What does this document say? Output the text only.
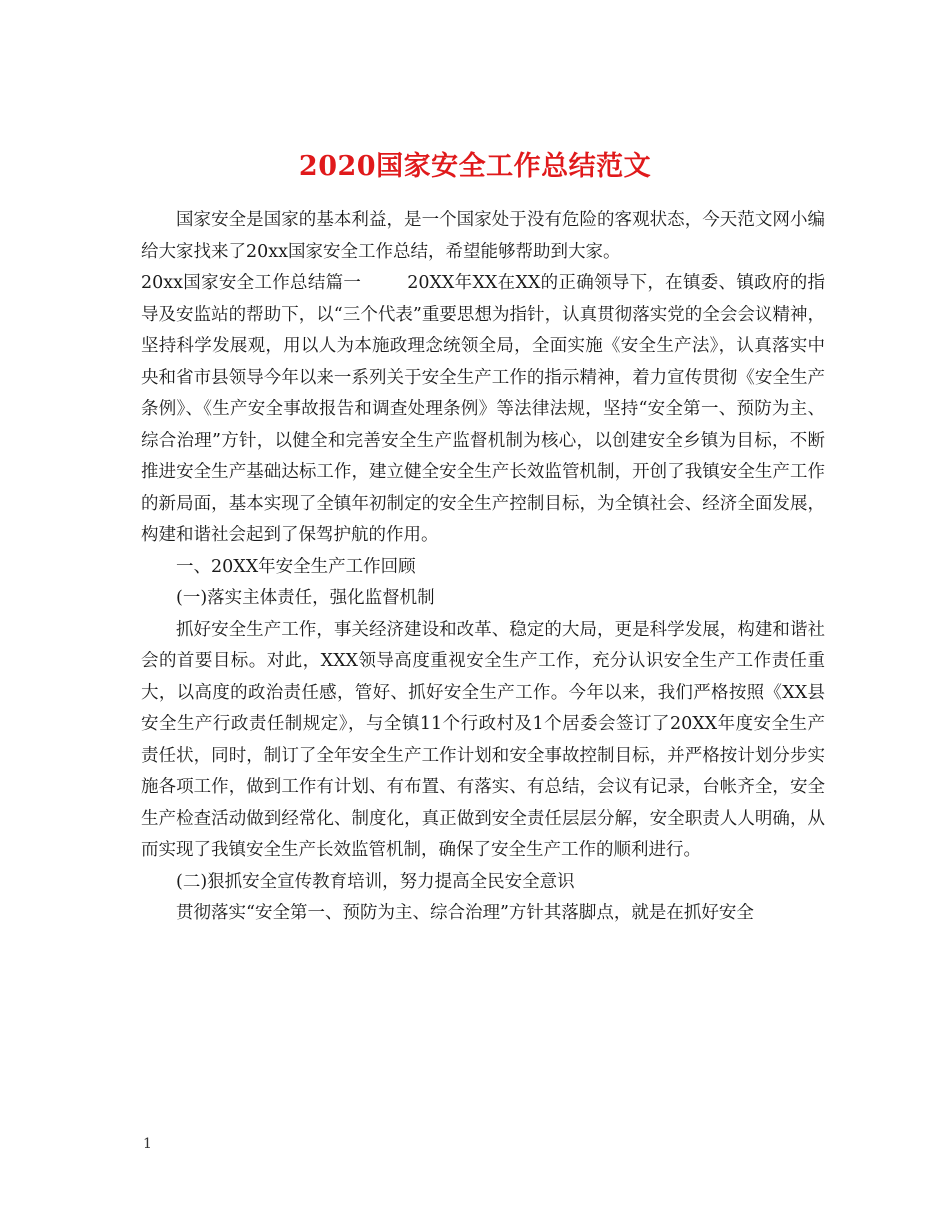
2020国家安全工作总结范文

国家安全是国家的基本利益，是一个国家处于没有危险的客观状态，今天范文网小编给大家找来了20xx国家安全工作总结，希望能够帮助到大家。

20xx国家安全工作总结篇一	20XX年XX在XX的正确领导下，在镇委、镇政府的指导及安监站的帮助下，以“三个代表”重要思想为指针，认真贯彻落实党的全会会议精神，坚持科学发展观，用以人为本施政理念统领全局，全面实施《安全生产法》，认真落实中央和省市县领导今年以来一系列关于安全生产工作的指示精神，着力宣传贯彻《安全生产条例》、《生产安全事故报告和调查处理条例》等法律法规，坚持“安全第一、预防为主、综合治理”方针，以健全和完善安全生产监督机制为核心，以创建安全乡镇为目标，不断推进安全生产基础达标工作，建立健全安全生产长效监管机制，开创了我镇安全生产工作的新局面，基本实现了全镇年初制定的安全生产控制目标，为全镇社会、经济全面发展，构建和谐社会起到了保驾护航的作用。

一、20XX年安全生产工作回顾

(一)落实主体责任，强化监督机制

抓好安全生产工作，事关经济建设和改革、稳定的大局，更是科学发展，构建和谐社会的首要目标。对此，XXX领导高度重视安全生产工作，充分认识安全生产工作责任重大，以高度的政治责任感，管好、抓好安全生产工作。今年以来，我们严格按照《XX县安全生产行政责任制规定》，与全镇11个行政村及1个居委会签订了20XX年度安全生产责任状，同时，制订了全年安全生产工作计划和安全事故控制目标，并严格按计划分步实施各项工作，做到工作有计划、有布置、有落实、有总结，会议有记录，台帐齐全，安全生产检查活动做到经常化、制度化，真正做到安全责任层层分解，安全职责人人明确，从而实现了我镇安全生产长效监管机制，确保了安全生产工作的顺利进行。

(二)狠抓安全宣传教育培训，努力提高全民安全意识

贯彻落实“安全第一、预防为主、综合治理”方针其落脚点，就是在抓好安全

1
